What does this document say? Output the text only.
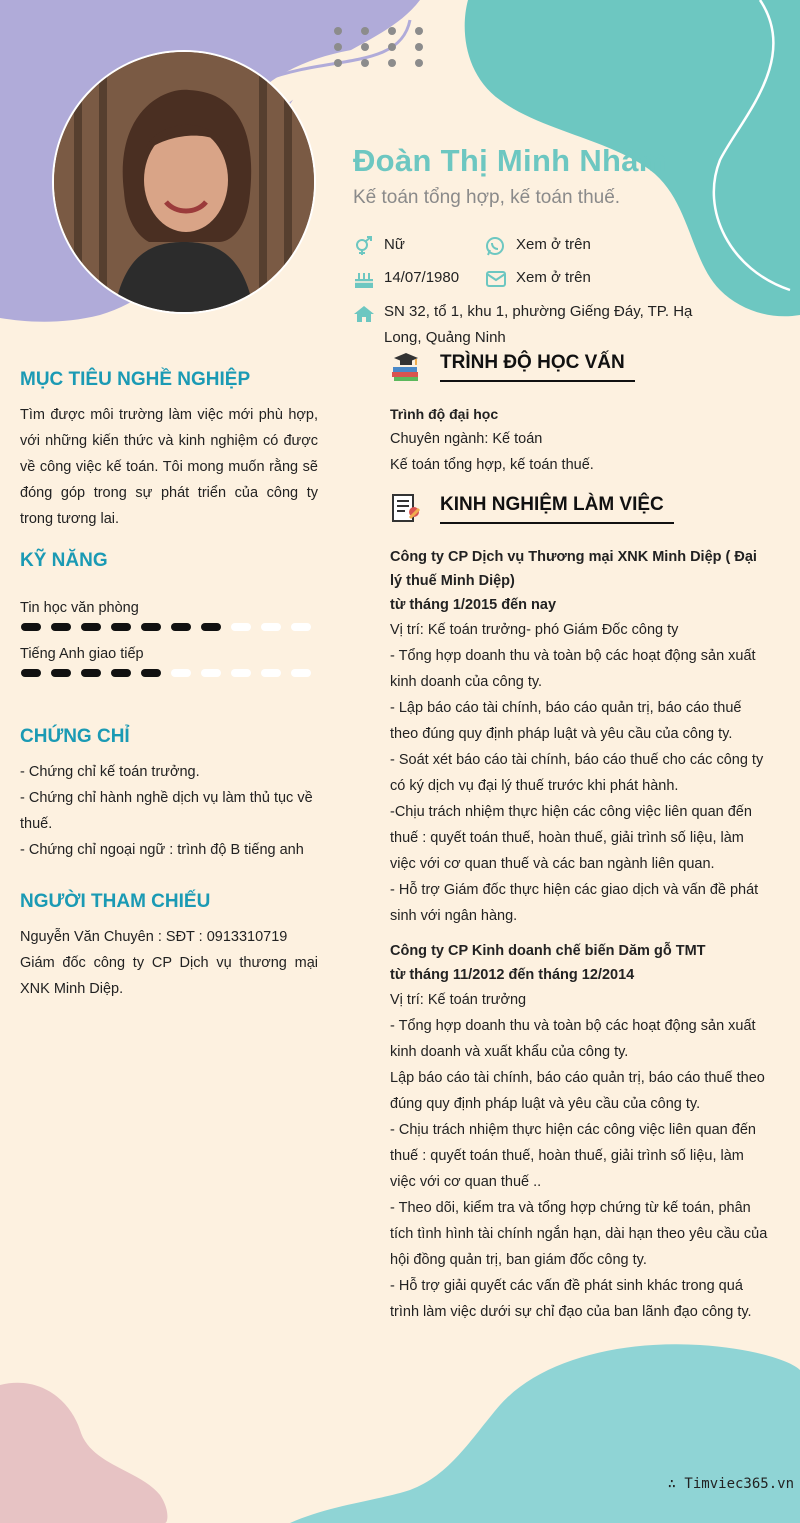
Đoàn Thị Minh Nhâm
Kế toán tổng hợp, kế toán thuế.
Nữ	Xem ở trên
14/07/1980	Xem ở trên
SN 32, tổ 1, khu 1, phường Giếng Đáy, TP. Hạ
Long, Quảng Ninh
MỤC TIÊU NGHỀ NGHIỆP
Tìm được môi trường làm việc mới phù hợp, với những kiến thức và kinh nghiệm có được về công việc kế toán. Tôi mong muốn rằng sẽ đóng góp trong sự phát triển của công ty trong tương lai.
KỸ NĂNG
Tin học văn phòng
Tiếng Anh giao tiếp
CHỨNG CHỈ
- Chứng chỉ kế toán trưởng.
- Chứng chỉ hành nghề dịch vụ làm thủ tục về thuế.
- Chứng chỉ ngoại ngữ : trình độ B tiếng anh
NGƯỜI THAM CHIẾU
Nguyễn Văn Chuyên : SĐT : 0913310719
Giám đốc công ty CP Dịch vụ thương mại XNK Minh Diệp.
TRÌNH ĐỘ HỌC VẤN

Trình độ đại học

Chuyên ngành: Kế toán

Kế toán tổng hợp, kế toán thuế.

KINH NGHIỆM LÀM VIỆC

Công ty CP Dịch vụ Thương mại XNK Minh Diệp ( Đại lý thuế Minh Diệp)

từ tháng 1/2015 đến nay

Vị trí: Kế toán trưởng- phó Giám Đốc công ty

- Tổng hợp doanh thu và toàn bộ các hoạt động sản xuất kinh doanh của công ty.

- Lập báo cáo tài chính, báo cáo quản trị, báo cáo thuế theo đúng quy định pháp luật và yêu cầu của công ty.

- Soát xét báo cáo tài chính, báo cáo thuế cho các công ty có ký dịch vụ đại lý thuế trước khi phát hành.

-Chịu trách nhiệm thực hiện các công việc liên quan đến thuế : quyết toán thuế, hoàn thuế, giải trình số liệu, làm việc với cơ quan thuế và các ban ngành liên quan.

- Hỗ trợ Giám đốc thực hiện các giao dịch và vấn đề phát sinh với ngân hàng.

Công ty CP Kinh doanh chế biến Dăm gỗ TMT

từ tháng 11/2012 đến tháng 12/2014

Vị trí: Kế toán trưởng

- Tổng hợp doanh thu và toàn bộ các hoạt động sản xuất kinh doanh và xuất khẩu của công ty.

Lập báo cáo tài chính, báo cáo quản trị, báo cáo thuế theo đúng quy định pháp luật và yêu cầu của công ty.

- Chịu trách nhiệm thực hiện các công việc liên quan đến thuế : quyết toán thuế, hoàn thuế, giải trình số liệu, làm việc với cơ quan thuế ..

- Theo dõi, kiểm tra và tổng hợp chứng từ kế toán, phân tích tình hình tài chính ngắn hạn, dài hạn theo yêu cầu của hội đồng quản trị, ban giám đốc công ty.

- Hỗ trợ giải quyết các vấn đề phát sinh khác trong quá trình làm việc dưới sự chỉ đạo của ban lãnh đạo công ty.

∴ Timviec365.vn
